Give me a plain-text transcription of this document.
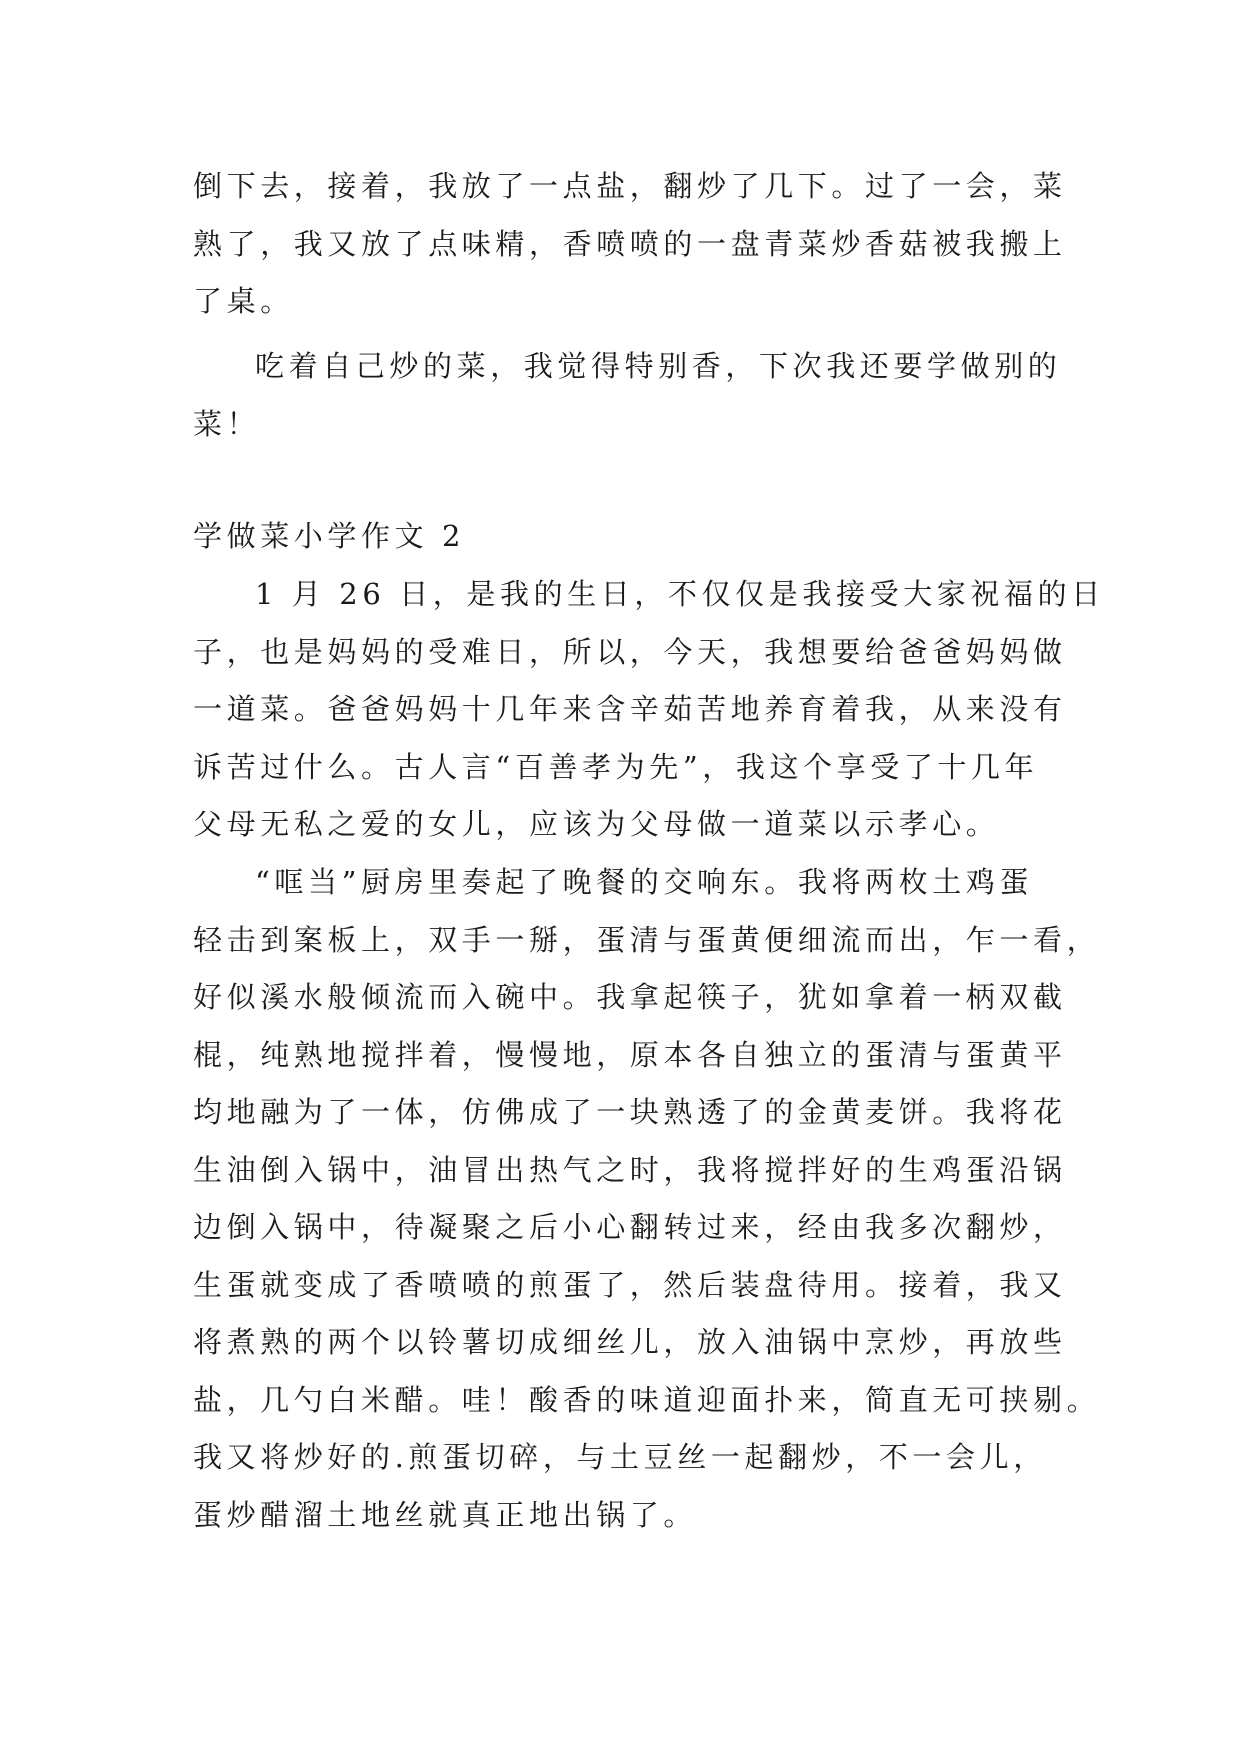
倒下去，接着，我放了一点盐，翻炒了几下。过了一会，菜
熟了，我又放了点味精，香喷喷的一盘青菜炒香菇被我搬上
了桌。
吃着自己炒的菜，我觉得特别香，下次我还要学做别的
菜！
学做菜小学作文 2
1 月 26 日，是我的生日，不仅仅是我接受大家祝福的日
子，也是妈妈的受难日，所以，今天，我想要给爸爸妈妈做
一道菜。爸爸妈妈十几年来含辛茹苦地养育着我，从来没有
诉苦过什么。古人言“百善孝为先”，我这个享受了十几年
父母无私之爱的女儿，应该为父母做一道菜以示孝心。
“哐当”厨房里奏起了晚餐的交响东。我将两枚土鸡蛋
轻击到案板上，双手一掰，蛋清与蛋黄便细流而出，乍一看，
好似溪水般倾流而入碗中。我拿起筷子，犹如拿着一柄双截
棍，纯熟地搅拌着，慢慢地，原本各自独立的蛋清与蛋黄平
均地融为了一体，仿佛成了一块熟透了的金黄麦饼。我将花
生油倒入锅中，油冒出热气之时，我将搅拌好的生鸡蛋沿锅
边倒入锅中，待凝聚之后小心翻转过来，经由我多次翻炒，
生蛋就变成了香喷喷的煎蛋了，然后装盘待用。接着，我又
将煮熟的两个以铃薯切成细丝儿，放入油锅中烹炒，再放些
盐，几勺白米醋。哇！酸香的味道迎面扑来，简直无可挟剔。
我又将炒好的.煎蛋切碎，与土豆丝一起翻炒，不一会儿，
蛋炒醋溜土地丝就真正地出锅了。
